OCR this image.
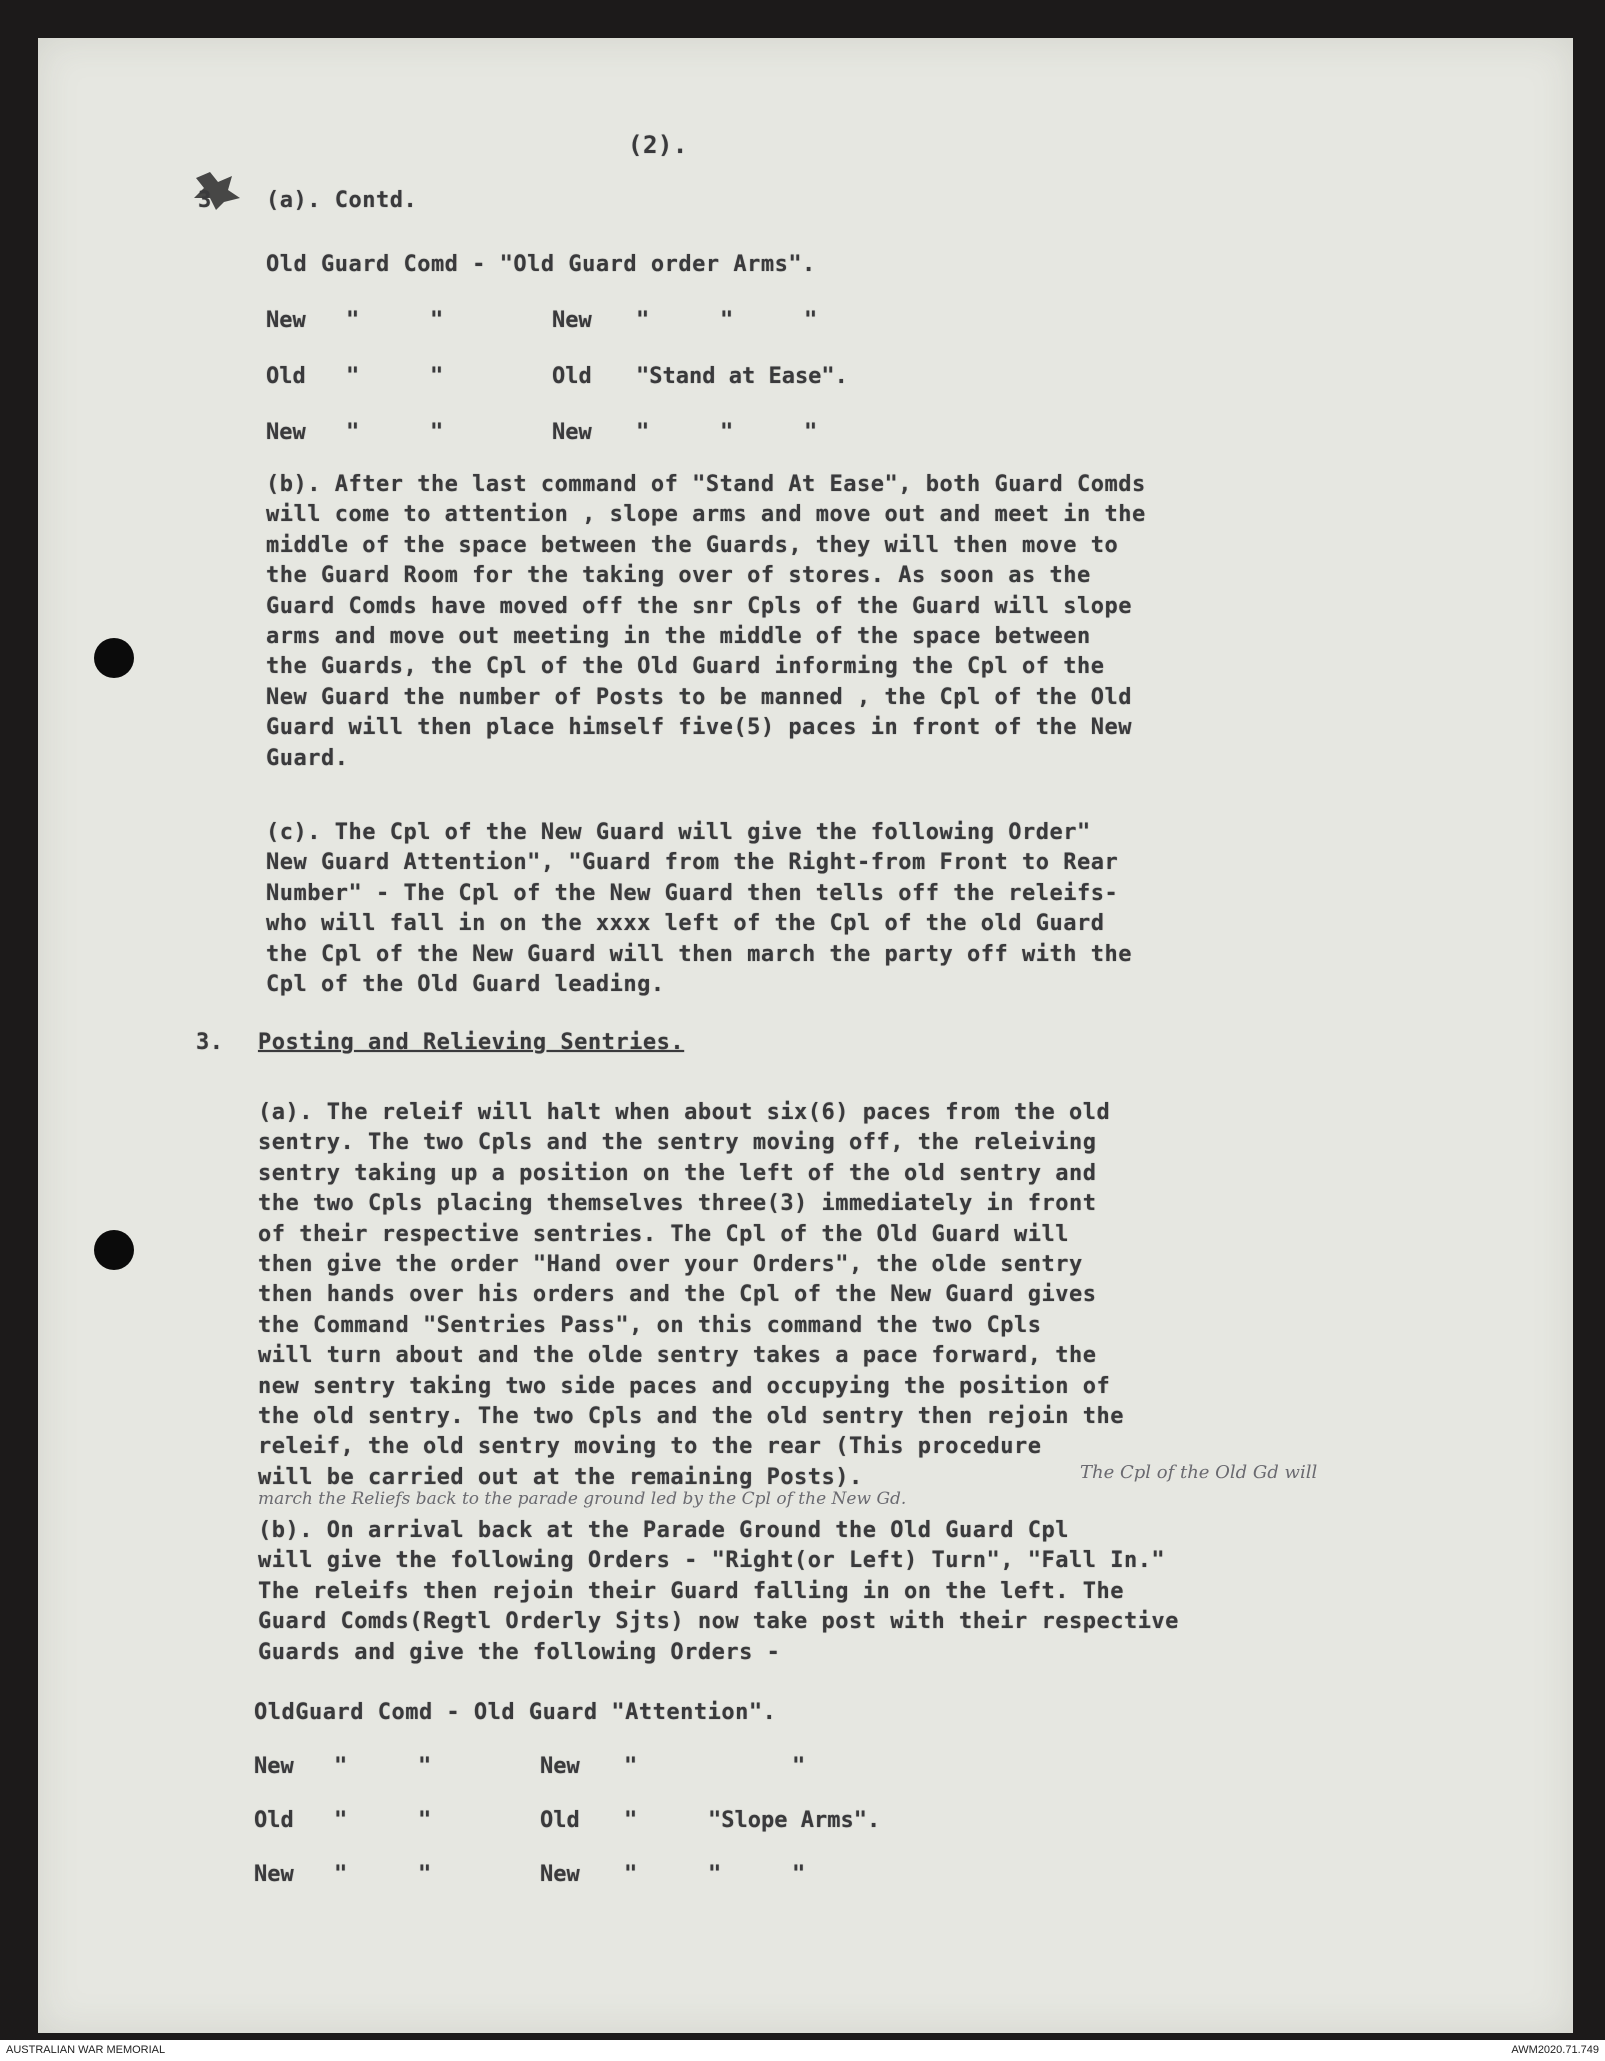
(2).
3 (a). Contd.
Old Guard Comd - "Old Guard order Arms".
New	"	"	New	"	"	"
Old	"	"	Old	"Stand at Ease".
New	"	"	New	"	"	"
(b). After the last command of "Stand At Ease", both Guard Comds
will come to attention , slope arms and move out and meet in the
middle of the space between the Guards, they will then move to
the Guard Room for the taking over of stores. As soon as the
Guard Comds have moved off the snr Cpls of the Guard will slope
arms and move out meeting in the middle of the space between
the Guards, the Cpl of the Old Guard informing the Cpl of the
New Guard the number of Posts to be manned , the Cpl of the Old
Guard will then place himself five(5) paces in front of the New
Guard.
(c). The Cpl of the New Guard will give the following Order"
New Guard Attention", "Guard from the Right-from Front to Rear
Number" - The Cpl of the New Guard then tells off the releifs-
who will fall in on the xxxx left of the Cpl of the old Guard
the Cpl of the New Guard will then march the party off with the
Cpl of the Old Guard leading.
3. Posting and Relieving Sentries.
(a). The releif will halt when about six(6) paces from the old
sentry. The two Cpls and the sentry moving off, the releiving
sentry taking up a position on the left of the old sentry and
the two Cpls placing themselves three(3) immediately in front
of their respective sentries. The Cpl of the Old Guard will
then give the order "Hand over your Orders", the olde sentry
then hands over his orders and the Cpl of the New Guard gives
the Command "Sentries Pass", on this command the two Cpls
will turn about and the olde sentry takes a pace forward, the
new sentry taking two side paces and occupying the position of
the old sentry. The two Cpls and the old sentry then rejoin the
releif, the old sentry moving to the rear (This procedure
will be carried out at the remaining Posts).	The Cpl of the Old Gd will
march the Reliefs back to the parade ground led by the Cpl of the New Gd.
(b). On arrival back at the Parade Ground the Old Guard Cpl
will give the following Orders - "Right(or Left) Turn", "Fall In."
The releifs then rejoin their Guard falling in on the left. The
Guard Comds(Regtl Orderly Sjts) now take post with their respective
Guards and give the following Orders -
OldGuard Comd - Old Guard "Attention".
New	"	"	New	"	"
Old	"	"	Old	"	"Slope Arms".
New	"	"	New	"	"	"
AUSTRALIAN WAR MEMORIAL	AWM2020.71.749
